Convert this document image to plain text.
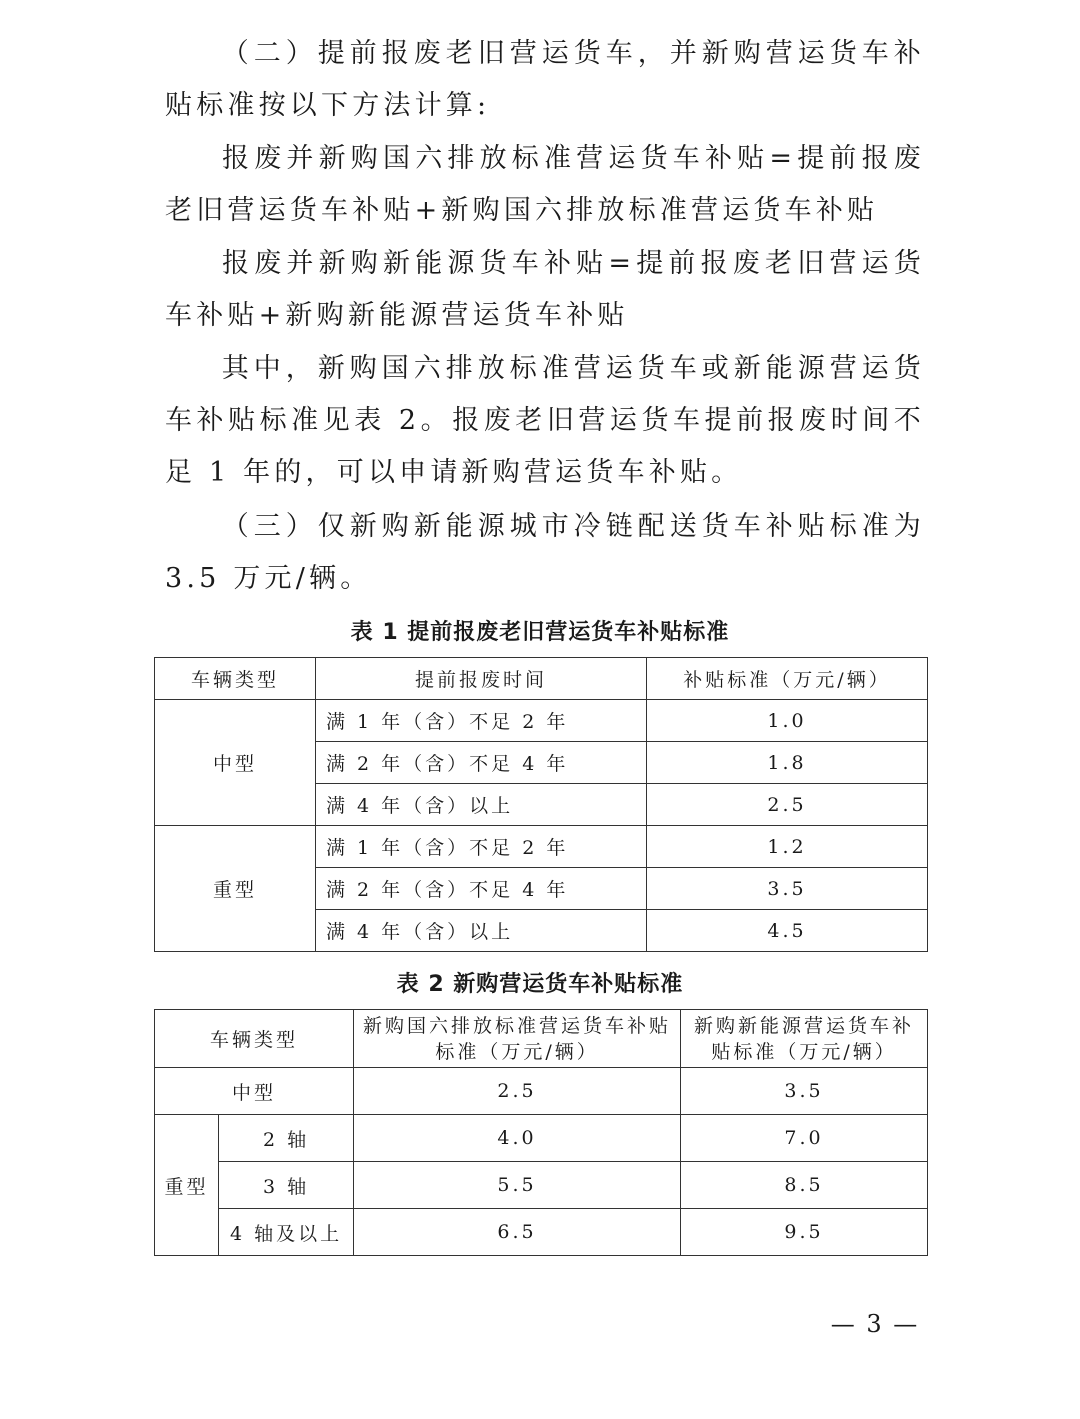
（二）提前报废老旧营运货车，并新购营运货车补贴标准按以下方法计算:

报废并新购国六排放标准营运货车补贴=提前报废老旧营运货车补贴+新购国六排放标准营运货车补贴

报废并新购新能源货车补贴=提前报废老旧营运货车补贴+新购新能源营运货车补贴

其中，新购国六排放标准营运货车或新能源营运货车补贴标准见表 2。报废老旧营运货车提前报废时间不足 1 年的，可以申请新购营运货车补贴。

（三）仅新购新能源城市冷链配送货车补贴标准为 3.5 万元/辆。

表 1 提前报废老旧营运货车补贴标准
车辆类型	提前报废时间	补贴标准（万元/辆）
中型	满 1 年（含）不足 2 年	1.0
	满 2 年（含）不足 4 年	1.8
	满 4 年（含）以上	2.5
重型	满 1 年（含）不足 2 年	1.2
	满 2 年（含）不足 4 年	3.5
	满 4 年（含）以上	4.5
表 2 新购营运货车补贴标准
车辆类型		新购国六排放标准营运货车补贴标准（万元/辆）	新购新能源营运货车补贴标准（万元/辆）
中型		2.5	3.5
重型	2 轴	4.0	7.0
	3 轴	5.5	8.5
	4 轴及以上	6.5	9.5
— 3 —
